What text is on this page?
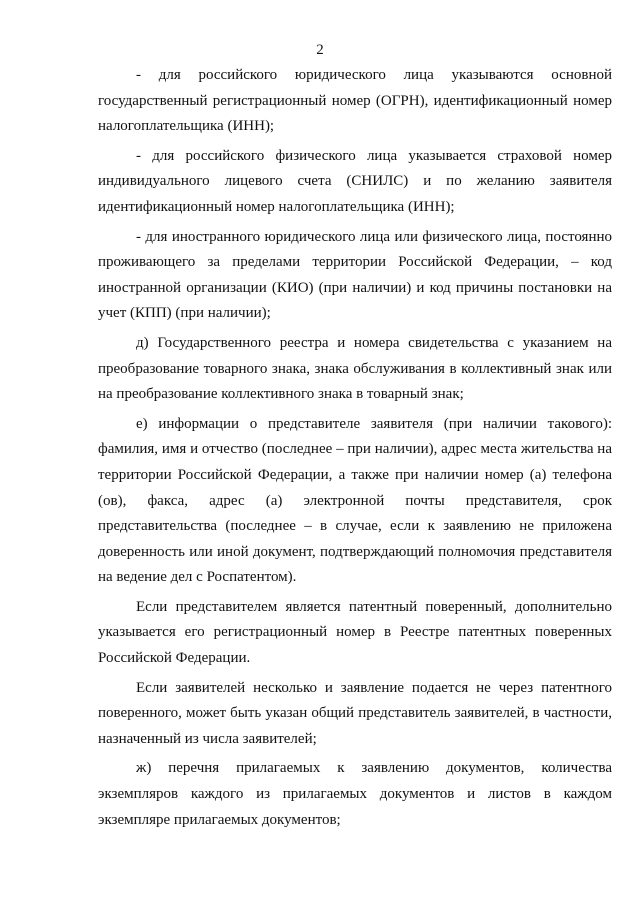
2

- для российского юридического лица указываются основной государственный регистрационный номер (ОГРН), идентификационный номер налогоплательщика (ИНН);

- для российского физического лица указывается страховой номер индивидуального лицевого счета (СНИЛС) и по желанию заявителя идентификационный номер налогоплательщика (ИНН);

- для иностранного юридического лица или физического лица, постоянно проживающего за пределами территории Российской Федерации, – код иностранной организации (КИО) (при наличии) и код причины постановки на учет (КПП) (при наличии);

д) Государственного реестра и номера свидетельства с указанием на преобразование товарного знака, знака обслуживания в коллективный знак или на преобразование коллективного знака в товарный знак;

е) информации о представителе заявителя (при наличии такового): фамилия, имя и отчество (последнее – при наличии), адрес места жительства на территории Российской Федерации, а также при наличии номер (а) телефона (ов), факса, адрес (а) электронной почты представителя, срок представительства (последнее – в случае, если к заявлению не приложена доверенность или иной документ, подтверждающий полномочия представителя на ведение дел с Роспатентом).

Если представителем является патентный поверенный, дополнительно указывается его регистрационный номер в Реестре патентных поверенных Российской Федерации.

Если заявителей несколько и заявление подается не через патентного поверенного, может быть указан общий представитель заявителей, в частности, назначенный из числа заявителей;

ж) перечня прилагаемых к заявлению документов, количества экземпляров каждого из прилагаемых документов и листов в каждом экземпляре прилагаемых документов;
